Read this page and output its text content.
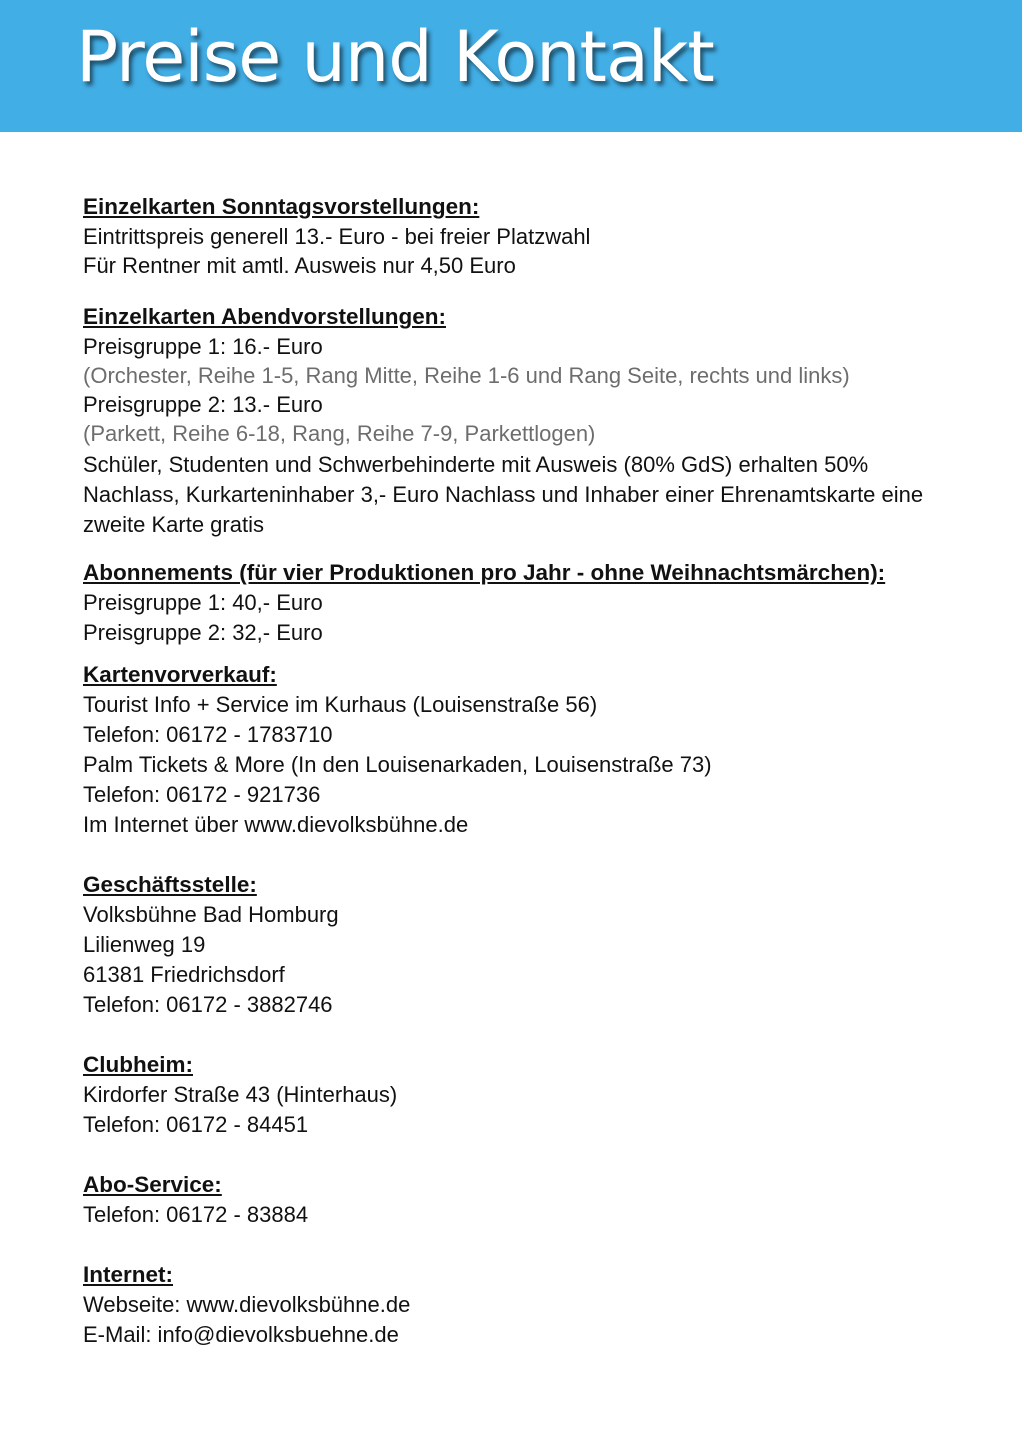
Preise und Kontakt
Einzelkarten Sonntagsvorstellungen:
Eintrittspreis generell 13.- Euro - bei freier Platzwahl
Für Rentner mit amtl. Ausweis nur 4,50 Euro
Einzelkarten Abendvorstellungen:
Preisgruppe 1: 16.- Euro
(Orchester, Reihe 1-5, Rang Mitte, Reihe 1-6 und Rang Seite, rechts und links)
Preisgruppe 2: 13.- Euro
(Parkett, Reihe 6-18, Rang, Reihe 7-9, Parkettlogen)
Schüler, Studenten und Schwerbehinderte mit Ausweis (80% GdS) erhalten 50% Nachlass, Kurkarteninhaber 3,- Euro Nachlass und Inhaber einer Ehrenamtskarte eine zweite Karte gratis
Abonnements (für vier Produktionen pro Jahr - ohne Weihnachtsmärchen):
Preisgruppe 1: 40,- Euro
Preisgruppe 2: 32,- Euro
Kartenvorverkauf:
Tourist Info + Service im Kurhaus (Louisenstraße 56)
Telefon: 06172 - 1783710
Palm Tickets & More (In den Louisenarkaden, Louisenstraße 73)
Telefon: 06172 - 921736
Im Internet über www.dievolksbühne.de
Geschäftsstelle:
Volksbühne Bad Homburg
Lilienweg 19
61381 Friedrichsdorf
Telefon: 06172 - 3882746
Clubheim:
Kirdorfer Straße 43 (Hinterhaus)
Telefon: 06172 - 84451
Abo-Service:
Telefon: 06172 - 83884
Internet:
Webseite: www.dievolksbühne.de
E-Mail: info@dievolksbuehne.de
